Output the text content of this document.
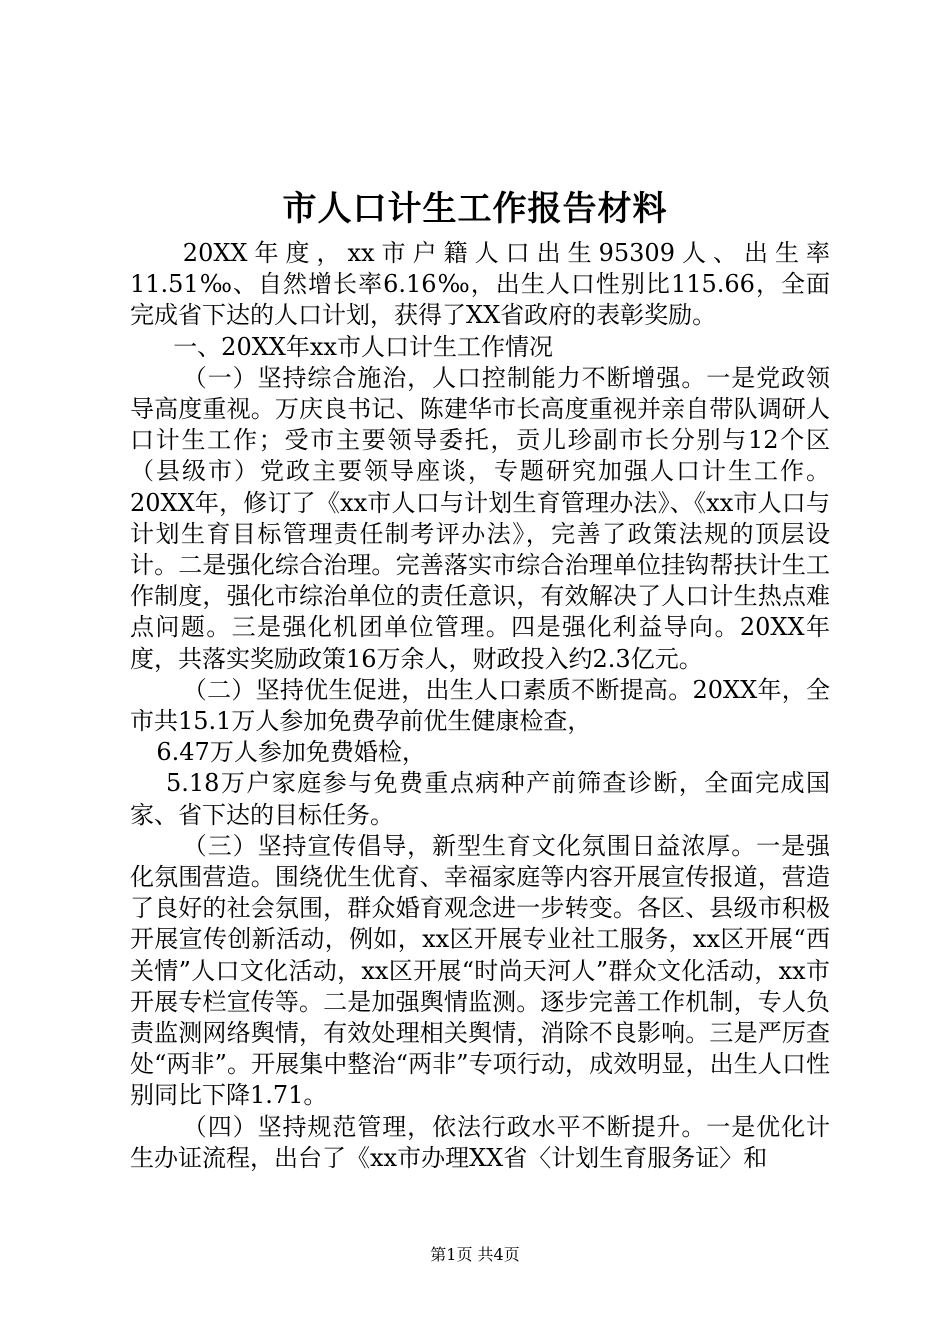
市人口计生工作报告材料

20XX年度，xx市户籍人口出生95309人、出生率11.51‰、自然增长率6.16‰，出生人口性别比115.66，全面完成省下达的人口计划，获得了XX省政府的表彰奖励。

一、20XX年xx市人口计生工作情况

（一）坚持综合施治，人口控制能力不断增强。一是党政领导高度重视。万庆良书记、陈建华市长高度重视并亲自带队调研人口计生工作；受市主要领导委托，贡儿珍副市长分别与12个区（县级市）党政主要领导座谈，专题研究加强人口计生工作。20XX年，修订了《xx市人口与计划生育管理办法》、《xx市人口与计划生育目标管理责任制考评办法》，完善了政策法规的顶层设计。二是强化综合治理。完善落实市综合治理单位挂钩帮扶计生工作制度，强化市综治单位的责任意识，有效解决了人口计生热点难点问题。三是强化机团单位管理。四是强化利益导向。20XX年度，共落实奖励政策16万余人，财政投入约2.3亿元。

（二）坚持优生促进，出生人口素质不断提高。20XX年，全市共15.1万人参加免费孕前优生健康检查，

6.47万人参加免费婚检，

5.18万户家庭参与免费重点病种产前筛查诊断，全面完成国家、省下达的目标任务。

（三）坚持宣传倡导，新型生育文化氛围日益浓厚。一是强化氛围营造。围绕优生优育、幸福家庭等内容开展宣传报道，营造了良好的社会氛围，群众婚育观念进一步转变。各区、县级市积极开展宣传创新活动，例如，xx区开展专业社工服务，xx区开展“西关情”人口文化活动，xx区开展“时尚天河人”群众文化活动，xx市开展专栏宣传等。二是加强舆情监测。逐步完善工作机制，专人负责监测网络舆情，有效处理相关舆情，消除不良影响。三是严厉查处“两非”。开展集中整治“两非”专项行动，成效明显，出生人口性别同比下降1.71。

（四）坚持规范管理，依法行政水平不断提升。一是优化计生办证流程，出台了《xx市办理XX省〈计划生育服务证〉和

第1页 共4页
